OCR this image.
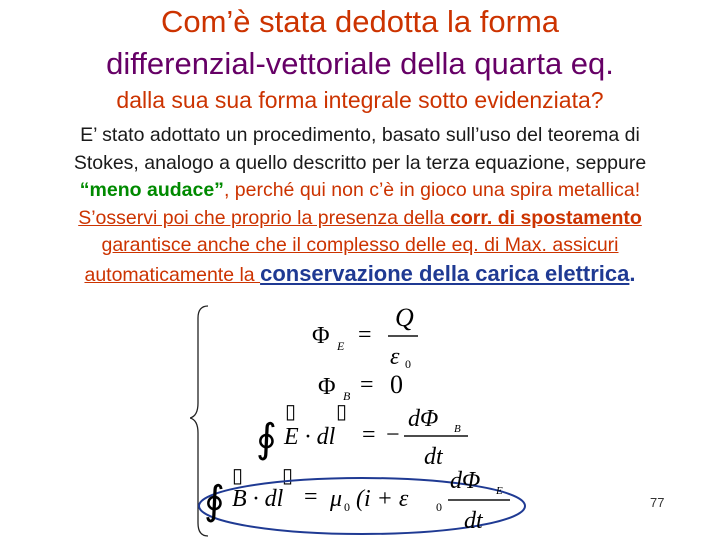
Com’è stata dedotta la forma
differenzial-vettoriale della quarta eq.
dalla sua sua forma integrale sotto evidenziata?
E’ stato adottato un procedimento, basato sull’uso del teorema di
Stokes, analogo a quello descritto per la terza equazione, seppure
“meno audace”, perché qui non c’è in gioco una spira metallica!
S’osservi poi che proprio la presenza della corr. di spostamento
garantisce anche che il complesso delle eq. di Max. assicuri
automaticamente la conservazione della carica elettrica.
Φ E =
Q
ε 0
Φ B = 0
▯ ▯
∮ E · dl = −
dΦ B
dt
▯ ▯
∮ B · dl = μ 0 (i + ε 0
dΦ E
dt
77
